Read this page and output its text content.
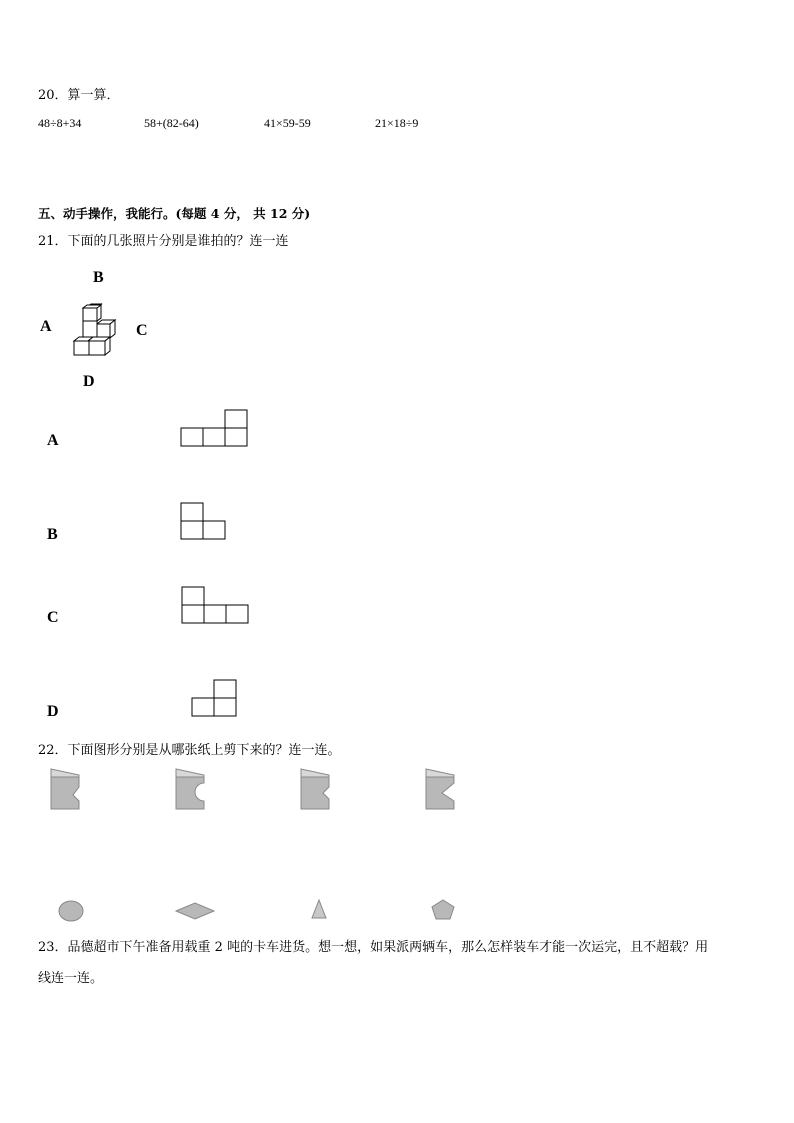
20．算一算．
48÷8+34	58+(82-64)	41×59-59	21×18÷9
五、动手操作，我能行。(每题 4 分， 共 12 分)
21．下面的几张照片分别是谁拍的？连一连
B
A	C
D
A
B
C
D
22．下面图形分别是从哪张纸上剪下来的？连一连。
23．品德超市下午准备用载重 2 吨的卡车进货。想一想，如果派两辆车，那么怎样装车才能一次运完，且不超载？用
线连一连。
